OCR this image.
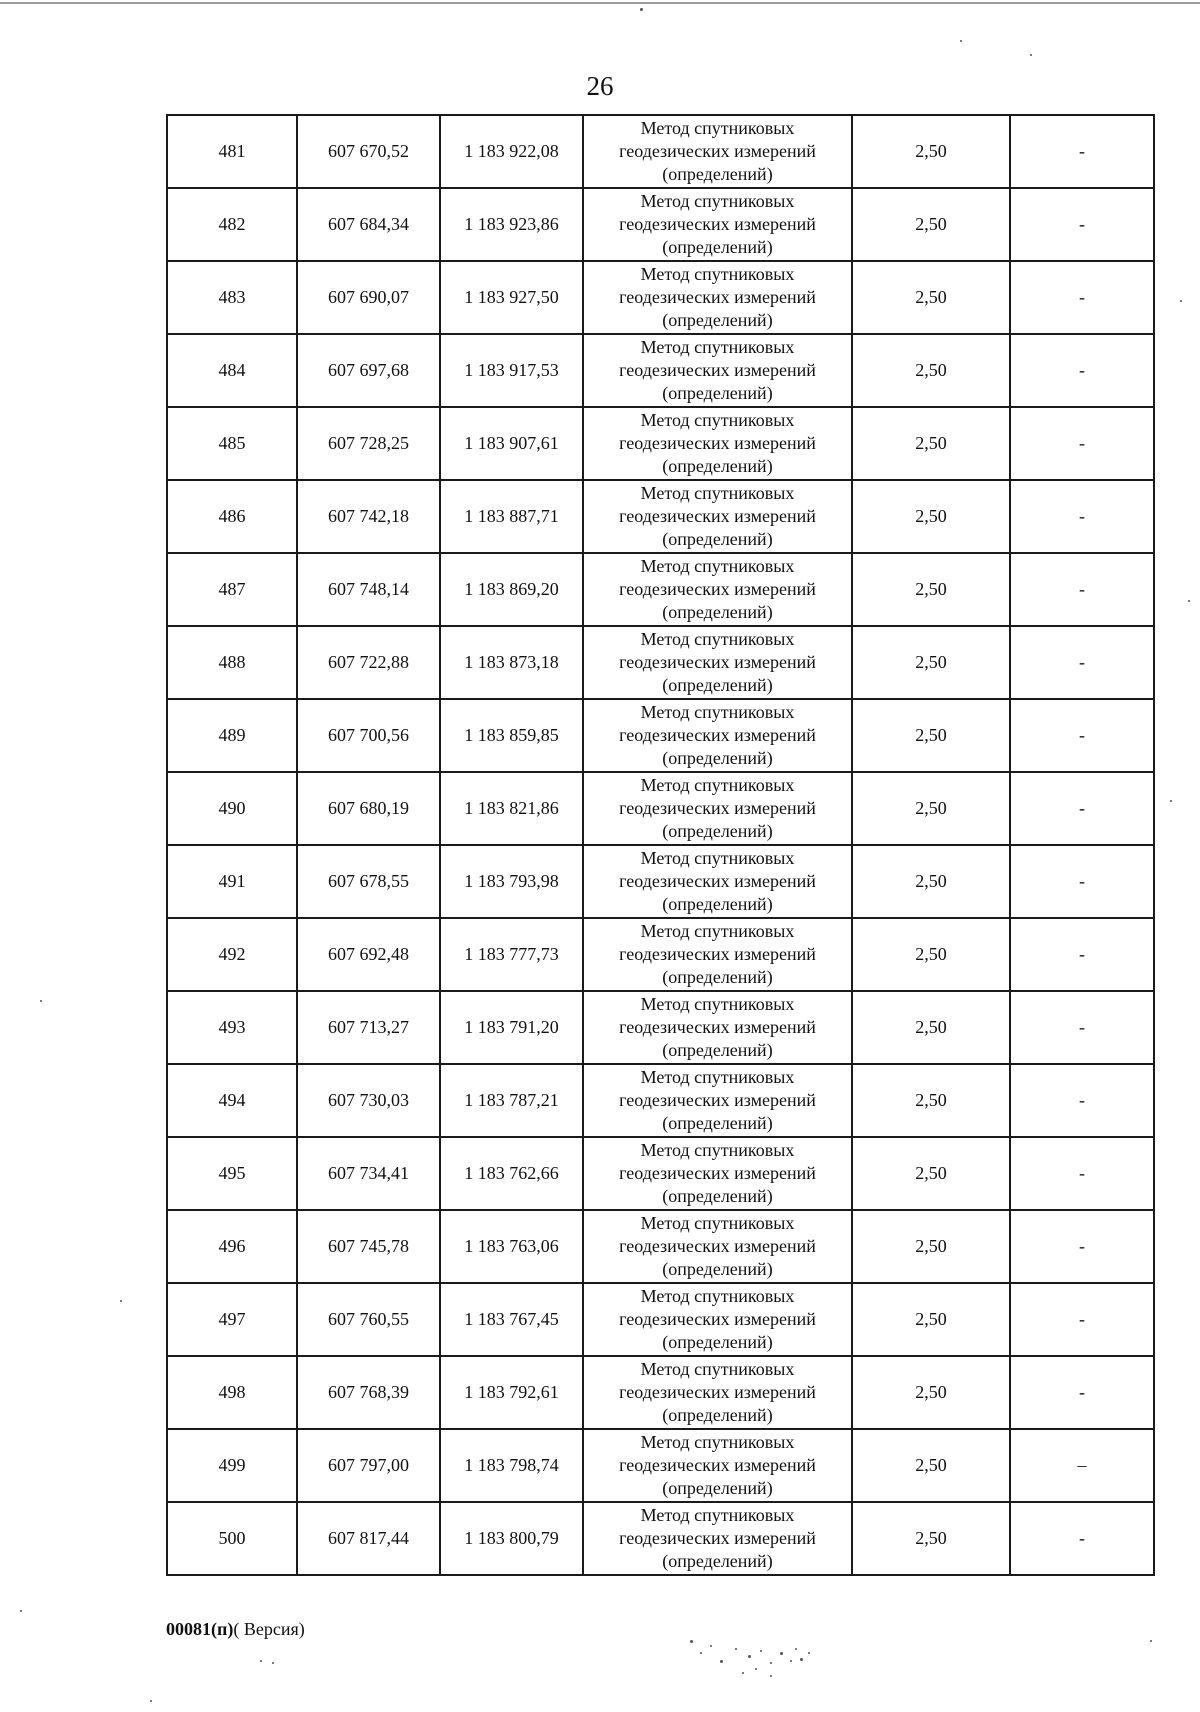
26
481	607 670,52	1 183 922,08	Метод спутниковых
геодезических измерений
(определений)	2,50	-
482	607 684,34	1 183 923,86	Метод спутниковых
геодезических измерений
(определений)	2,50	-
483	607 690,07	1 183 927,50	Метод спутниковых
геодезических измерений
(определений)	2,50	-
484	607 697,68	1 183 917,53	Метод спутниковых
геодезических измерений
(определений)	2,50	-
485	607 728,25	1 183 907,61	Метод спутниковых
геодезических измерений
(определений)	2,50	-
486	607 742,18	1 183 887,71	Метод спутниковых
геодезических измерений
(определений)	2,50	-
487	607 748,14	1 183 869,20	Метод спутниковых
геодезических измерений
(определений)	2,50	-
488	607 722,88	1 183 873,18	Метод спутниковых
геодезических измерений
(определений)	2,50	-
489	607 700,56	1 183 859,85	Метод спутниковых
геодезических измерений
(определений)	2,50	-
490	607 680,19	1 183 821,86	Метод спутниковых
геодезических измерений
(определений)	2,50	-
491	607 678,55	1 183 793,98	Метод спутниковых
геодезических измерений
(определений)	2,50	-
492	607 692,48	1 183 777,73	Метод спутниковых
геодезических измерений
(определений)	2,50	-
493	607 713,27	1 183 791,20	Метод спутниковых
геодезических измерений
(определений)	2,50	-
494	607 730,03	1 183 787,21	Метод спутниковых
геодезических измерений
(определений)	2,50	-
495	607 734,41	1 183 762,66	Метод спутниковых
геодезических измерений
(определений)	2,50	-
496	607 745,78	1 183 763,06	Метод спутниковых
геодезических измерений
(определений)	2,50	-
497	607 760,55	1 183 767,45	Метод спутниковых
геодезических измерений
(определений)	2,50	-
498	607 768,39	1 183 792,61	Метод спутниковых
геодезических измерений
(определений)	2,50	-
499	607 797,00	1 183 798,74	Метод спутниковых
геодезических измерений
(определений)	2,50	–
500	607 817,44	1 183 800,79	Метод спутниковых
геодезических измерений
(определений)	2,50	-
00081(п)( Версия)
